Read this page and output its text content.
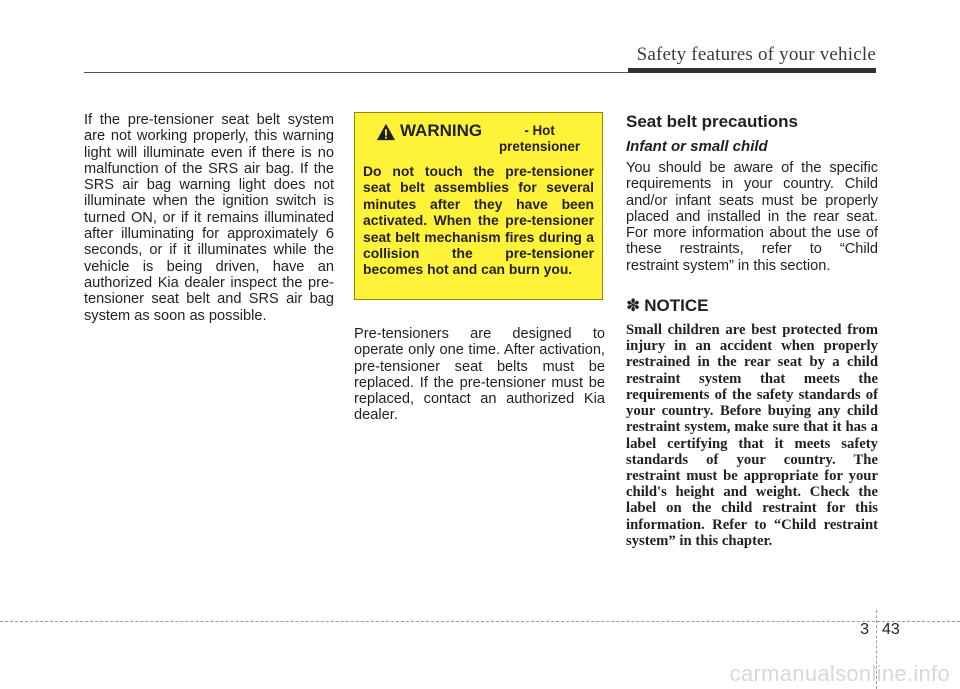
Safety features of your vehicle

If the pre-tensioner seat belt system are not working properly, this warning light will illuminate even if there is no malfunction of the SRS air bag. If the SRS air bag warning light does not illuminate when the ignition switch is turned ON, or if it remains illuminated after illuminating for approximately 6 seconds, or if it illuminates while the vehicle is being driven, have an authorized Kia dealer inspect the pre-tensioner seat belt and SRS air bag system as soon as possible.

WARNING	- Hot pretensioner

Do not touch the pre-tensioner seat belt assemblies for several minutes after they have been activated. When the pre-tensioner seat belt mechanism fires during a collision the pre-tensioner becomes hot and can burn you.

Pre-tensioners are designed to operate only one time. After activation, pre-tensioner seat belts must be replaced. If the pre-tensioner must be replaced, contact an authorized Kia dealer.

Seat belt precautions
Infant or small child

You should be aware of the specific requirements in your country. Child and/or infant seats must be properly placed and installed in the rear seat. For more information about the use of these restraints, refer to “Child restraint system” in this section.

✽ NOTICE

Small children are best protected from injury in an accident when properly restrained in the rear seat by a child restraint system that meets the requirements of the safety standards of your country. Before buying any child restraint system, make sure that it has a label certifying that it meets safety standards of your country. The restraint must be appropriate for your child's height and weight. Check the label on the child restraint for this information. Refer to “Child restraint system” in this chapter.

3 43
carmanualsonline.info
